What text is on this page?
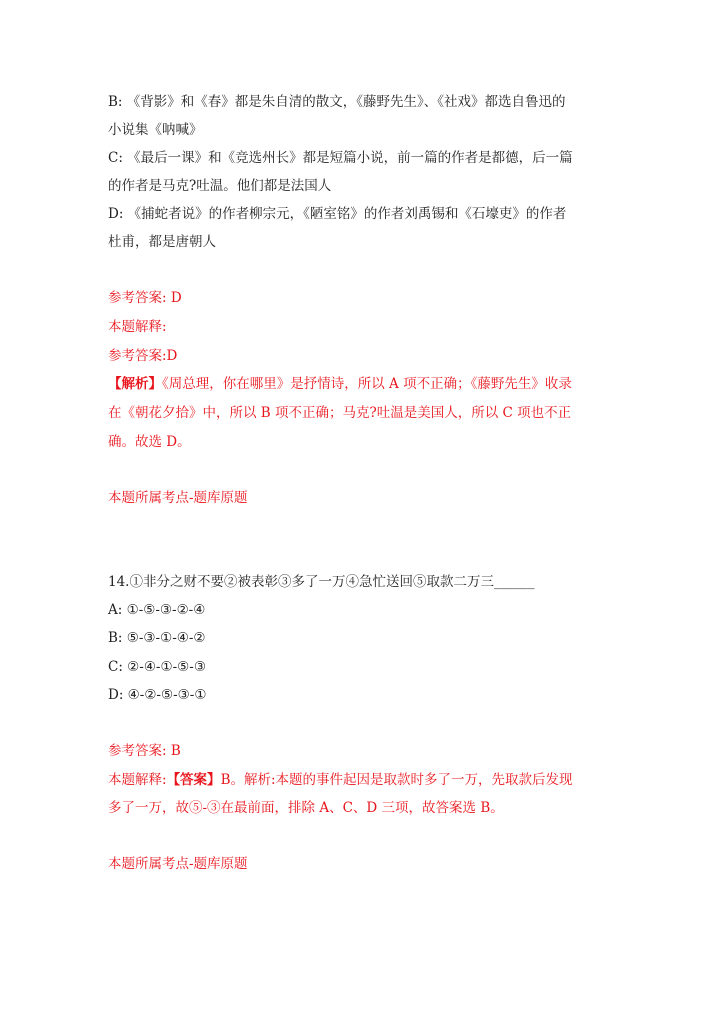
B: 《背影》和《春》都是朱自清的散文，《藤野先生》、《社戏》都选自鲁迅的
小说集《呐喊》
C: 《最后一课》和《竞选州长》都是短篇小说，前一篇的作者是都德，后一篇
的作者是马克?吐温。他们都是法国人
D: 《捕蛇者说》的作者柳宗元，《陋室铭》的作者刘禹锡和《石壕吏》的作者
杜甫，都是唐朝人
参考答案: D
本题解释:
参考答案:D
【解析】《周总理，你在哪里》是抒情诗，所以 A 项不正确；《藤野先生》收录
在《朝花夕拾》中，所以 B 项不正确；马克?吐温是美国人，所以 C 项也不正
确。故选 D。
本题所属考点-题库原题
14.①非分之财不要②被表彰③多了一万④急忙送回⑤取款二万三______
A: ①-⑤-③-②-④
B: ⑤-③-①-④-②
C: ②-④-①-⑤-③
D: ④-②-⑤-③-①
参考答案: B
本题解释:【答案】B。解析:本题的事件起因是取款时多了一万，先取款后发现
多了一万，故⑤-③在最前面，排除 A、C、D 三项，故答案选 B。
本题所属考点-题库原题
